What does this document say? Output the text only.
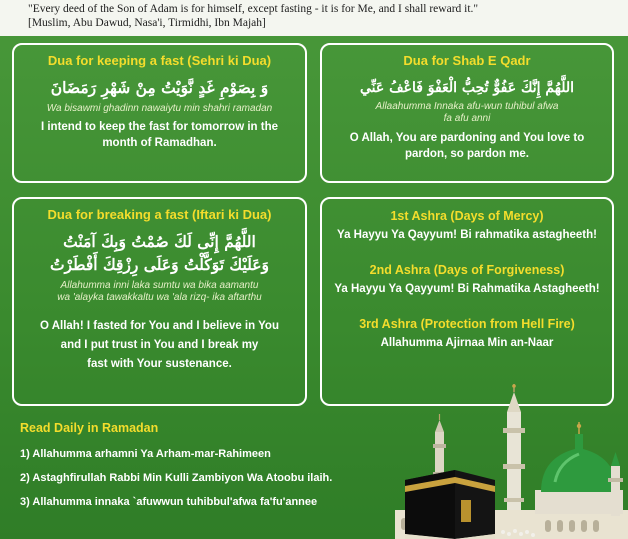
"Every deed of the Son of Adam is for himself, except fasting - it is for Me, and I shall reward it."
[Muslim, Abu Dawud, Nasa'i, Tirmidhi, Ibn Majah]
Dua for keeping a fast (Sehri ki Dua)
وَ بِصَوْمِ غَدٍ نَّوَيْتُ مِنْ شَهْرِ رَمَضَانَ
Wa bisawmi ghadinn nawaiytu min shahri ramadan
I intend to keep the fast for tomorrow in the
month of Ramadhan.
Dua for Shab E Qadr
اللَّهُمَّ إِنَّكَ عَفُوٌّ تُحِبُّ الْعَفْوَ فَاعْفُ عَنِّي
Allaahumma Innaka afu-wun tuhibul afwa
fa afu anni
O Allah, You are pardoning and You love to
pardon, so pardon me.
Dua for breaking a fast (Iftari ki Dua)
اللَّهُمَّ إِنِّى لَكَ صُمْتُ وَبِكَ آمَنْتُ
وَعَلَيْكَ تَوَكَّلْتُ وَعَلَى رِزْقِكَ أَفْطَرْتُ
Allahumma inni laka sumtu wa bika aamantu
wa 'alayka tawakkaltu wa 'ala rizq- ika aftarthu
O Allah! I fasted for You and I believe in You
and I put trust in You and I break my
fast with Your sustenance.
1st Ashra (Days of Mercy)
Ya Hayyu Ya Qayyum! Bi rahmatika astagheeth!
2nd Ashra (Days of Forgiveness)
Ya Hayyu Ya Qayyum! Bi Rahmatika Astagheeth!
3rd Ashra (Protection from Hell Fire)
Allahumma Ajirnaa Min an-Naar
Read Daily in Ramadan
1) Allahumma arhamni Ya Arham-mar-Rahimeen
2) Astaghfirullah Rabbi Min Kulli Zambiyon Wa Atoobu ilaih.
3) Allahumma innaka `afuwwun tuhibbul'afwa fa'fu'annee
